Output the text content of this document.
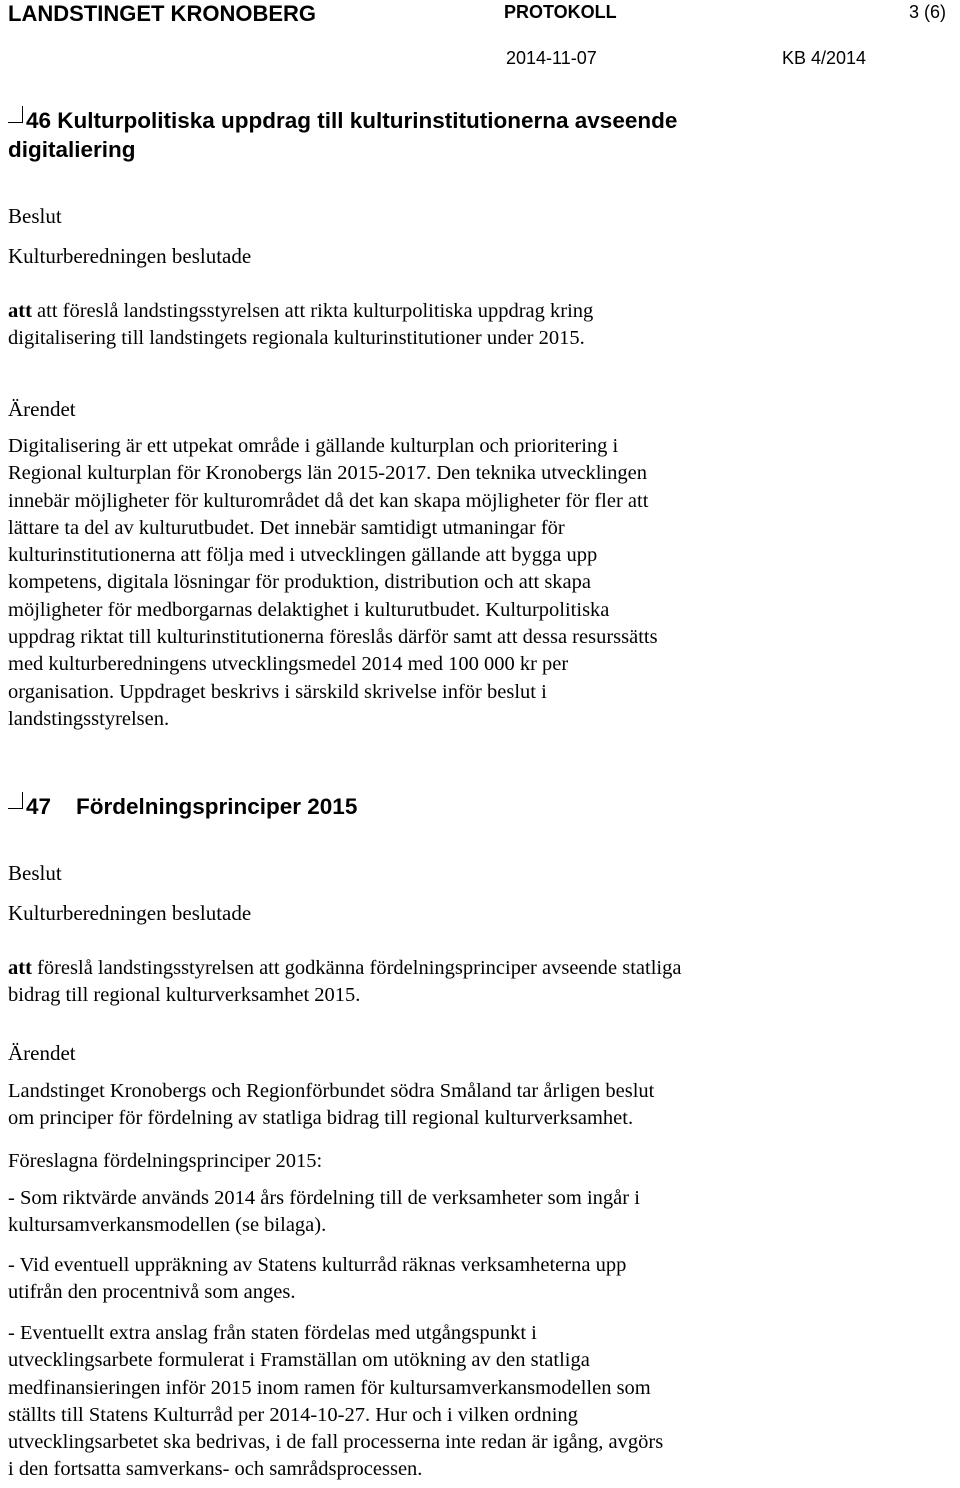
LANDSTINGET KRONOBERG	PROTOKOLL	3 (6)
2014-11-07	KB 4/2014
46 Kulturpolitiska uppdrag till kulturinstitutionerna avseende
digitaliering
Beslut
Kulturberedningen beslutade
att att föreslå landstingsstyrelsen att rikta kulturpolitiska uppdrag kring
digitalisering till landstingets regionala kulturinstitutioner under 2015.
Ärendet
Digitalisering är ett utpekat område i gällande kulturplan och prioritering i
Regional kulturplan för Kronobergs län 2015-2017. Den teknika utvecklingen
innebär möjligheter för kulturområdet då det kan skapa möjligheter för fler att
lättare ta del av kulturutbudet. Det innebär samtidigt utmaningar för
kulturinstitutionerna att följa med i utvecklingen gällande att bygga upp
kompetens, digitala lösningar för produktion, distribution och att skapa
möjligheter för medborgarnas delaktighet i kulturutbudet. Kulturpolitiska
uppdrag riktat till kulturinstitutionerna föreslås därför samt att dessa resurssätts
med kulturberedningens utvecklingsmedel 2014 med 100 000 kr per
organisation. Uppdraget beskrivs i särskild skrivelse inför beslut i
landstingsstyrelsen.
47 Fördelningsprinciper 2015
Beslut
Kulturberedningen beslutade
att föreslå landstingsstyrelsen att godkänna fördelningsprinciper avseende statliga
bidrag till regional kulturverksamhet 2015.
Ärendet
Landstinget Kronobergs och Regionförbundet södra Småland tar årligen beslut
om principer för fördelning av statliga bidrag till regional kulturverksamhet.
Föreslagna fördelningsprinciper 2015:
- Som riktvärde används 2014 års fördelning till de verksamheter som ingår i
kultursamverkansmodellen (se bilaga).
- Vid eventuell uppräkning av Statens kulturråd räknas verksamheterna upp
utifrån den procentnivå som anges.
- Eventuellt extra anslag från staten fördelas med utgångspunkt i
utvecklingsarbete formulerat i Framställan om utökning av den statliga
medfinansieringen inför 2015 inom ramen för kultursamverkansmodellen som
ställts till Statens Kulturråd per 2014-10-27. Hur och i vilken ordning
utvecklingsarbetet ska bedrivas, i de fall processerna inte redan är igång, avgörs
i den fortsatta samverkans- och samrådsprocessen.
